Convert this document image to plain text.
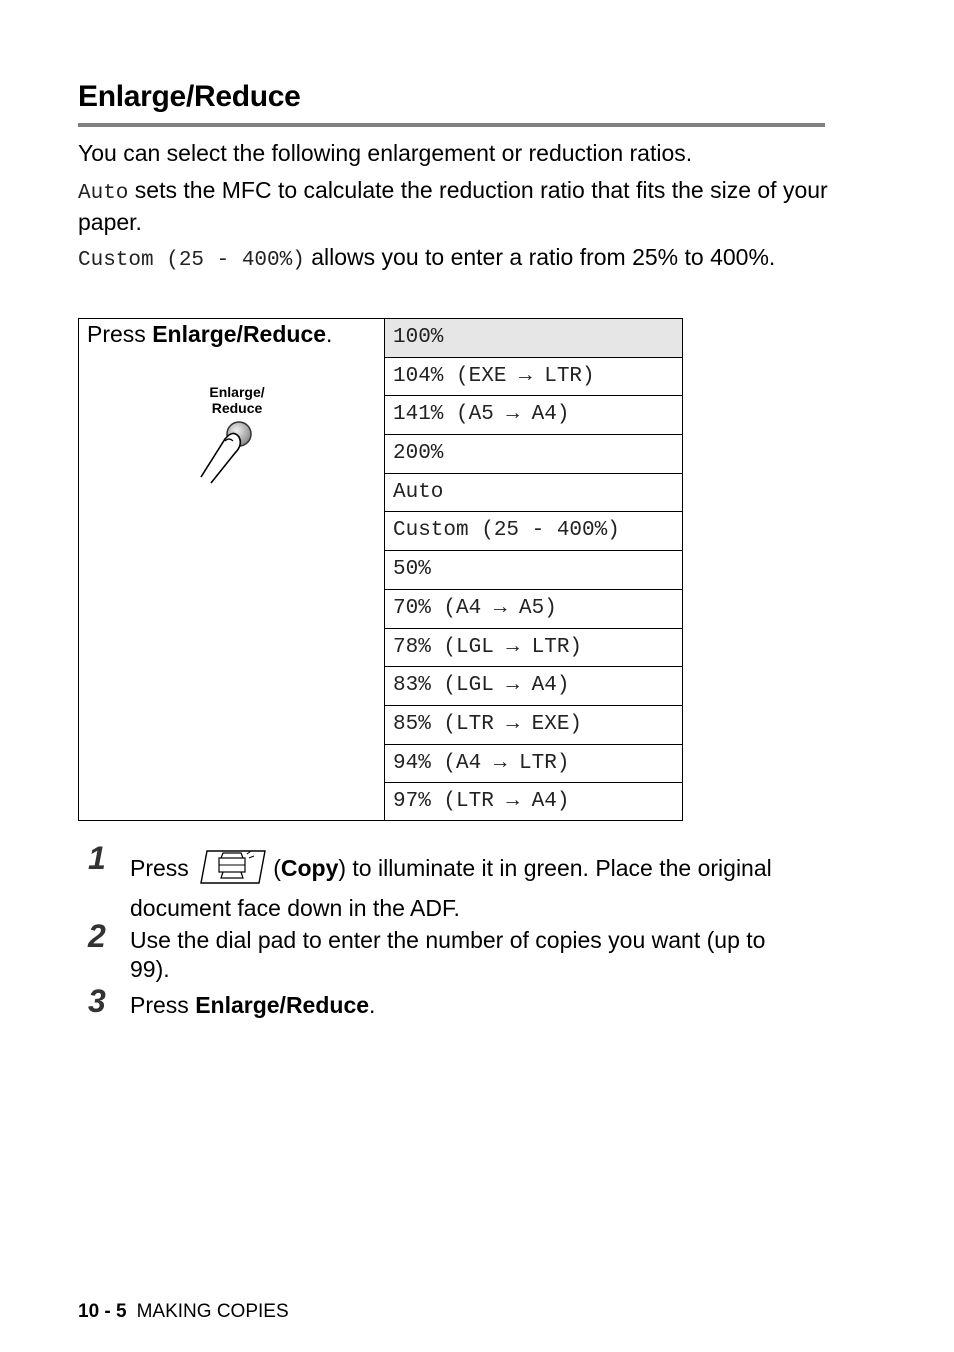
Enlarge/Reduce

You can select the following enlargement or reduction ratios.

Auto sets the MFC to calculate the reduction ratio that fits the size of your paper.

Custom (25 - 400%) allows you to enter a ratio from 25% to 400%.

Press Enlarge/Reduce.
Enlarge/
Reduce
100%
104% (EXE → LTR)
141% (A5 → A4)
200%
Auto
Custom (25 - 400%)
50%
70% (A4 → A5)
78% (LGL → LTR)
83% (LGL → A4)
85% (LTR → EXE)
94% (A4 → LTR)
97% (LTR → A4)
1 Press	(Copy) to illuminate it in green. Place the original document face down in the ADF.
2 Use the dial pad to enter the number of copies you want (up to 99).
3 Press Enlarge/Reduce.
10 - 5 MAKING COPIES
